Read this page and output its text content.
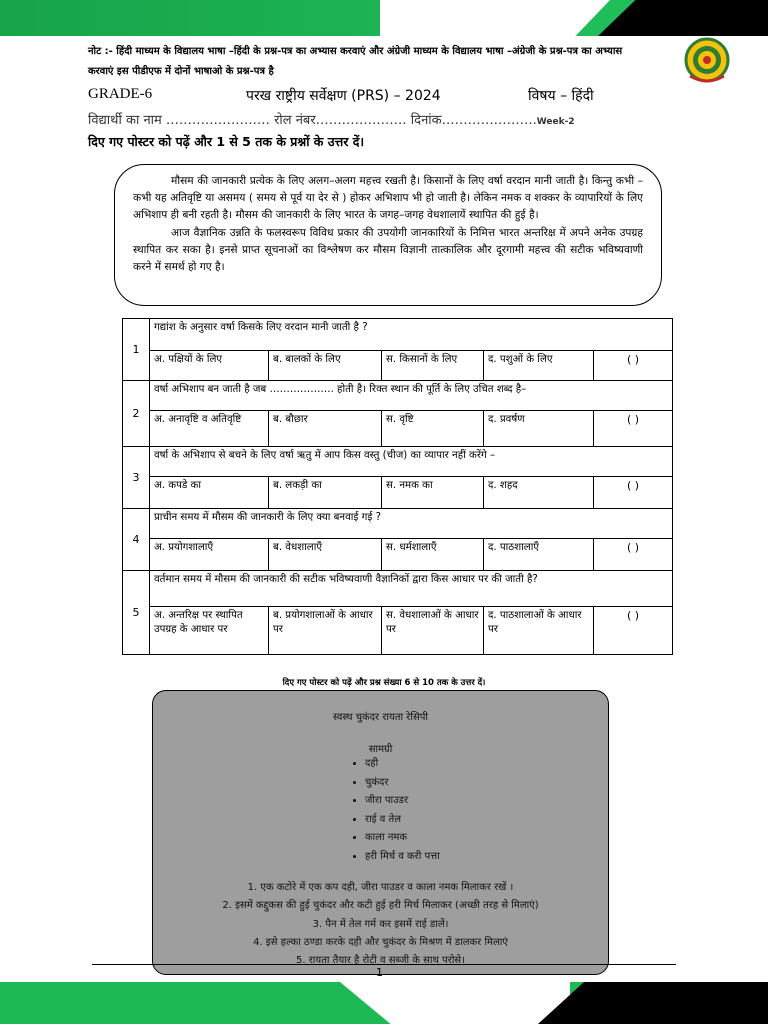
नोट :- हिंदी माध्यम के विद्यालय भाषा –हिंदी के प्रश्न-पत्र का अभ्यास करवाएं और अंग्रेजी माध्यम के विद्यालय भाषा –अंग्रेजी के प्रश्न-पत्र का अभ्यास
करवाएं इस पीडीएफ में दोनों भाषाओ के प्रश्न-पत्र है
GRADE-6	परख राष्ट्रीय सर्वेक्षण (PRS) – 2024	विषय – हिंदी
विद्यार्थी का नाम …………………… रोल नंबर………………… दिनांक………………….Week-2
दिए गए पोस्टर को पढ़ें और 1 से 5 तक के प्रश्नों के उत्तर दें।

मौसम की जानकारी प्रत्येक के लिए अलग–अलग महत्त्व रखती है। किसानों के लिए वर्षा वरदान मानी जाती है। किन्तु कभी – कभी यह अतिवृष्टि या असमय ( समय से पूर्व या देर से ) होकर अभिशाप भी हो जाती है। लेकिन नमक व शक्कर के व्यापारियों के लिए अभिशाप ही बनी रहती है। मौसम की जानकारी के लिए भारत के जगह–जगह वेधशालायें स्थापित की हुई है।

आज वैज्ञानिक उन्नति के फलस्वरूप विविध प्रकार की उपयोगी जानकारियों के निमित्त भारत अन्तरिक्ष में अपने अनेक उपग्रह स्थापित कर सका है। इनसे प्राप्त सूचनाओं का विश्लेषण कर मौसम विज्ञानी तात्कालिक और दूरगामी महत्त्व की सटीक भविष्यवाणी करने में समर्थ हो गए है।

1	गद्यांश के अनुसार वर्षा किसके लिए वरदान मानी जाती है ?				
	अ. पक्षियों के लिए	ब. बालकों के लिए	स. किसानों के लिए	द. पशुओं के लिए	( )
2	वर्षा अभिशाप बन जाती है जब ………………. होती है। रिक्त स्थान की पूर्ति के लिए उचित शब्द है–				
	अ. अनावृष्टि व अतिवृष्टि	ब. बौछार	स. वृष्टि	द. प्रवर्षण	( )
3	वर्षा के अभिशाप से बचने के लिए वर्षा ऋतु में आप किस वस्तु (चीज) का व्यापार नहीं करेंगे –				
	अ. कपडे का	ब. लकड़ी का	स. नमक का	द. शहद	( )
4	प्राचीन समय में मौसम की जानकारी के लिए क्या बनवाई गई ?				
	अ. प्रयोगशालाएँ	ब. वेधशालाएँ	स. धर्मशालाएँ	द. पाठशालाएँ	( )
5	वर्तमान समय में मौसम की जानकारी की सटीक भविष्यवाणी वैज्ञानिकों द्वारा किस आधार पर की जाती है?				
	अ. अन्तरिक्ष पर स्थापित उपग्रह के आधार पर	ब. प्रयोगशालाओं के आधार पर	स. वेधशालाओं के आधार पर	द. पाठशालाओं के आधार पर	( )
दिए गए पोस्टर को पढ़ें और प्रश्न संख्या 6 से 10 तक के उत्तर दें।
स्वस्थ चुकंदर रायता रेसिपी
सामग्री
• दही
• चुकंदर
• जीरा पाउडर
• राई व तेल
• काला नमक
• हरी मिर्च व करी पत्ता
1. एक कटोरे में एक कप दही, जीरा पाउडर व काला नमक मिलाकर रखें ।
2. इसमें कद्दुकस की हुई चुकंदर और कटी हुई हरी मिर्च मिलाकर (अच्छी तरह से मिलाएं)
3. पैन में तेल गर्म कर इसमें राई डालें।
4. इसे हल्का ठण्डा करके दही और चुकंदर के मिश्रण में डालकर मिलाएं
5. रायता तैयार है रोटी व सब्जी के साथ परोसे।
1
